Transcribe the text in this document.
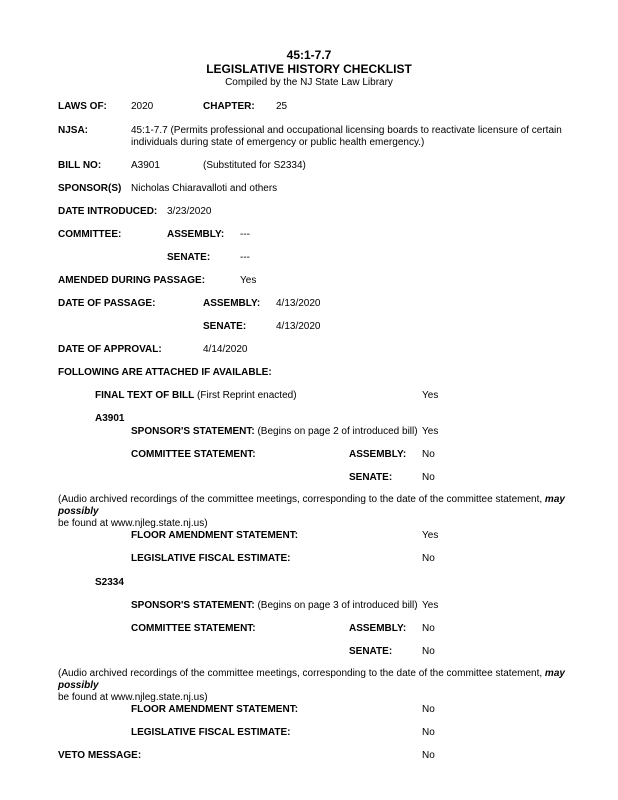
45:1-7.7
LEGISLATIVE HISTORY CHECKLIST
Compiled by the NJ State Law Library
LAWS OF: 2020	CHAPTER: 25
NJSA:	45:1-7.7 (Permits professional and occupational licensing boards to reactivate licensure of certain individuals during state of emergency or public health emergency.)
BILL NO:	A3901	(Substituted for S2334)
SPONSOR(S) Nicholas Chiaravalloti and others
DATE INTRODUCED: 3/23/2020
COMMITTEE:	ASSEMBLY: ---
SENATE:	---
AMENDED DURING PASSAGE:	Yes
DATE OF PASSAGE:	ASSEMBLY: 4/13/2020
SENATE:	4/13/2020
DATE OF APPROVAL:	4/14/2020
FOLLOWING ARE ATTACHED IF AVAILABLE:
FINAL TEXT OF BILL (First Reprint enacted)	Yes
A3901
SPONSOR'S STATEMENT: (Begins on page 2 of introduced bill) Yes
COMMITTEE STATEMENT:	ASSEMBLY: No
SENATE:	No
(Audio archived recordings of the committee meetings, corresponding to the date of the committee statement, may possibly
be found at www.njleg.state.nj.us)
FLOOR AMENDMENT STATEMENT:	Yes
LEGISLATIVE FISCAL ESTIMATE:	No
S2334
SPONSOR'S STATEMENT: (Begins on page 3 of introduced bill) Yes
COMMITTEE STATEMENT:	ASSEMBLY: No
SENATE:	No
(Audio archived recordings of the committee meetings, corresponding to the date of the committee statement, may possibly
be found at www.njleg.state.nj.us)
FLOOR AMENDMENT STATEMENT:	No
LEGISLATIVE FISCAL ESTIMATE:	No
VETO MESSAGE:	No
